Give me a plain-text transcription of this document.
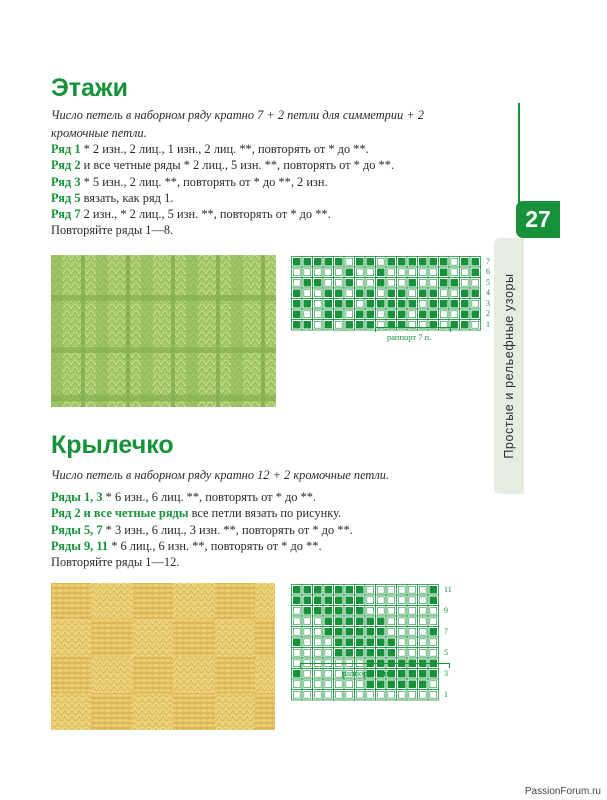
Простые и рельефные узоры
27
Этажи

Число петель в наборном ряду кратно 7 + 2 петли для симметрии + 2 кромочные петли.

Ряд 1 * 2 изн., 2 лиц., 1 изн., 2 лиц. **, повторять от * до **.
Ряд 2 и все четные ряды * 2 лиц., 5 изн. **, повторять от * до **.
Ряд 3 * 5 изн., 2 лиц. **, повторять от * до **, 2 изн.
Ряд 5 вязать, как ряд 1.
Ряд 7 2 изн., * 2 лиц., 5 изн. **, повторять от * до **.
Повторяйте ряды 1—8.
7
6
5
4
3
2
1
раппорт 7 п.
Крылечко

Число петель в наборном ряду кратно 12 + 2 кромочные петли.

Ряды 1, 3 * 6 изн., 6 лиц. **, повторять от * до **.
Ряд 2 и все четные ряды все петли вязать по рисунку.
Ряды 5, 7 * 3 изн., 6 лиц., 3 изн. **, повторять от * до **.
Ряды 9, 11 * 6 лиц., 6 изн. **, повторять от * до **.
Повторяйте ряды 1—12.
11
9
7
5
3
1
раппорт 12 п.
PassionForum.ru
